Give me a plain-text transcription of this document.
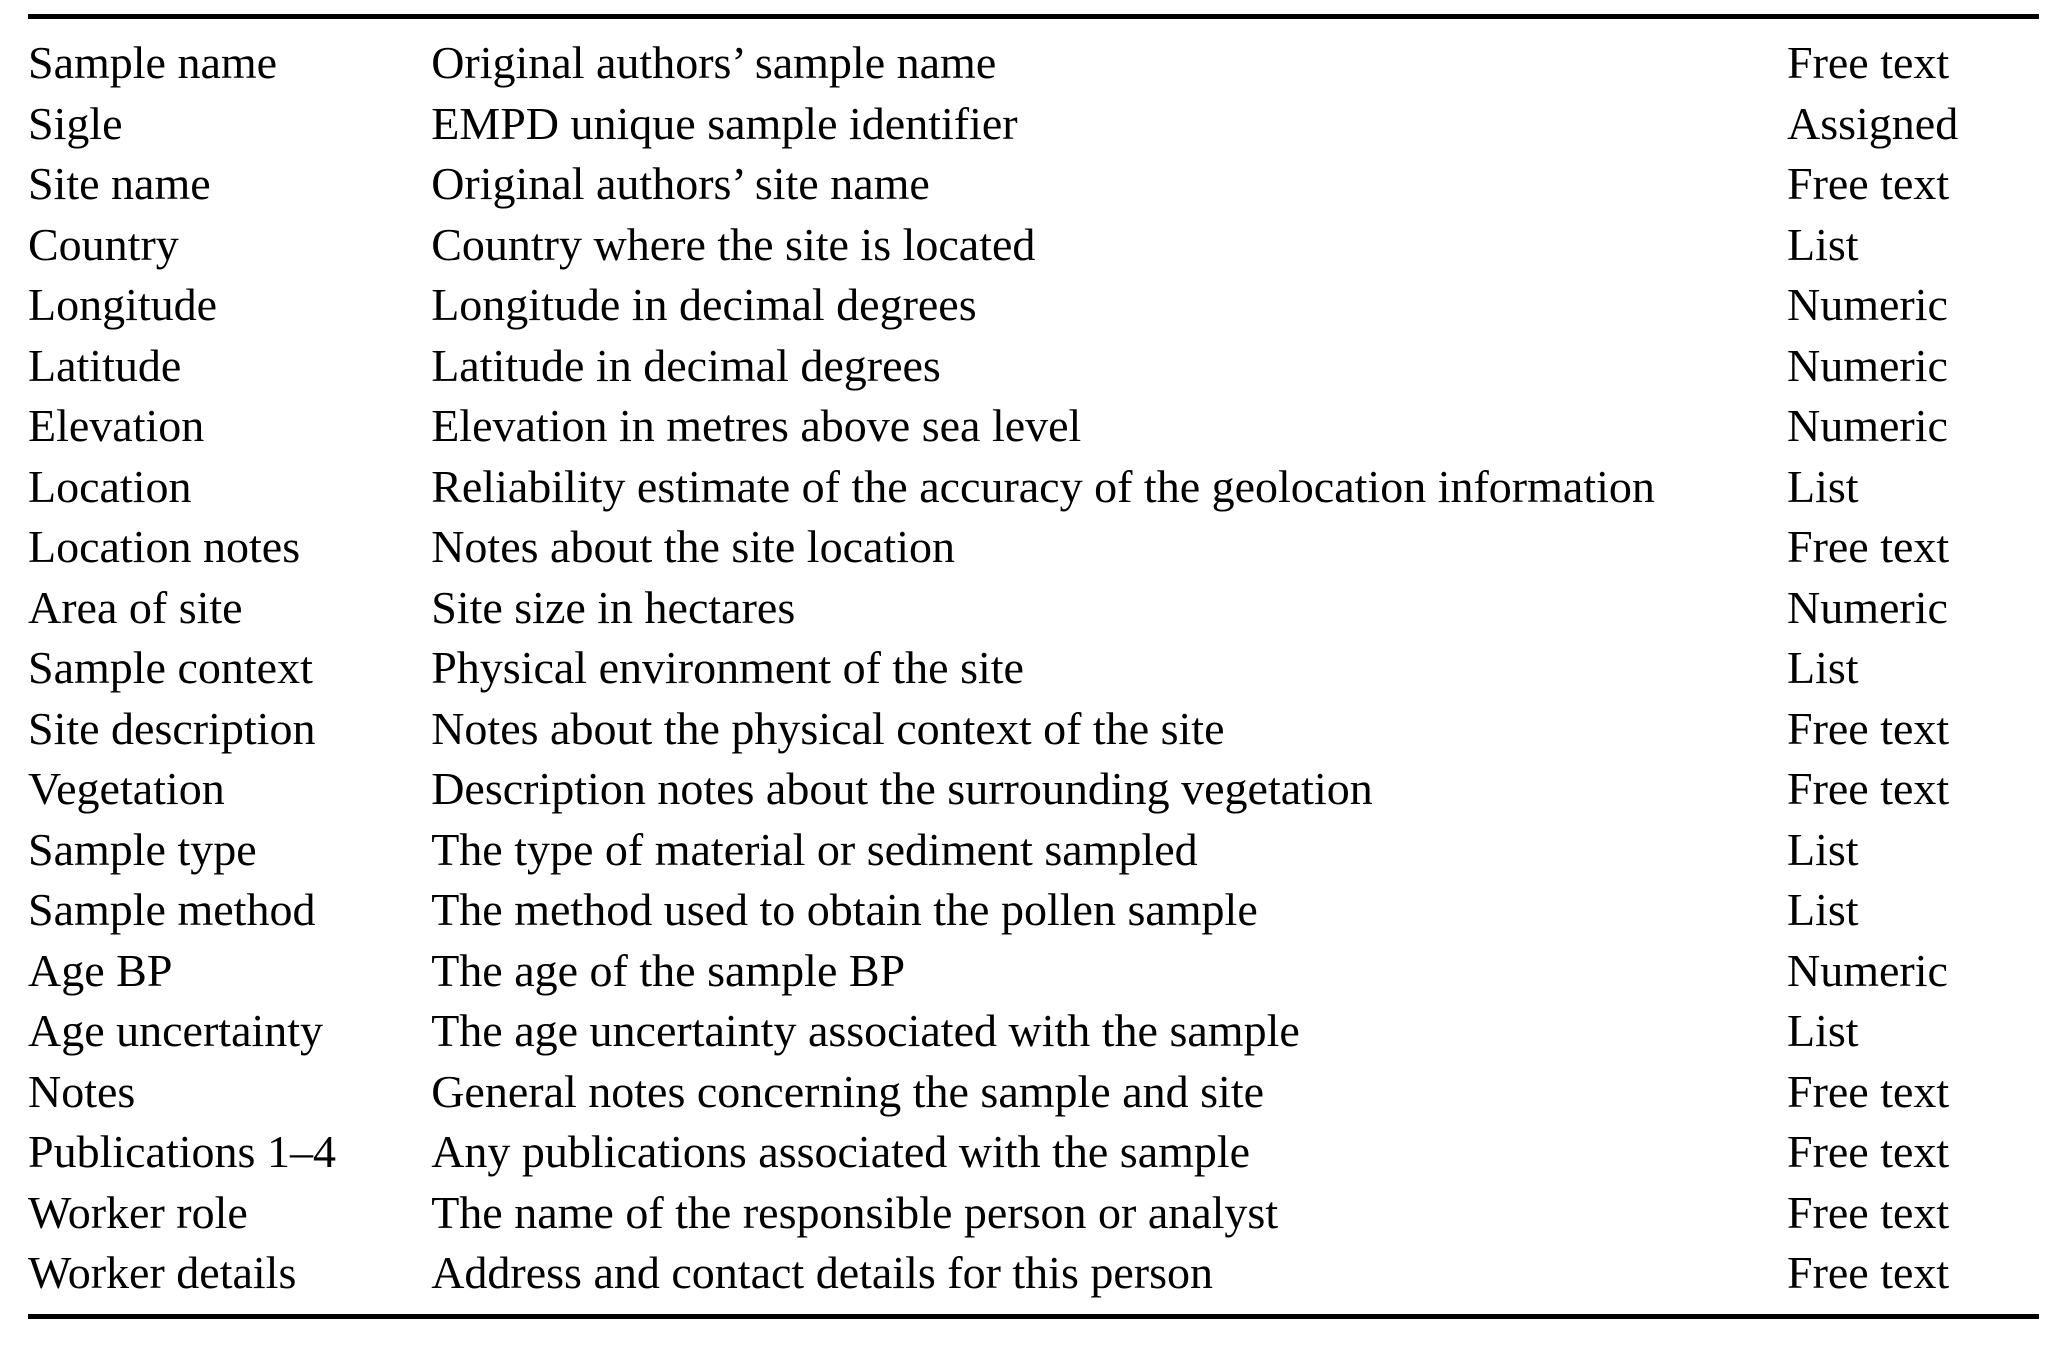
Sample name	Original authors’ sample name	Free text
Sigle	EMPD unique sample identifier	Assigned
Site name	Original authors’ site name	Free text
Country	Country where the site is located	List
Longitude	Longitude in decimal degrees	Numeric
Latitude	Latitude in decimal degrees	Numeric
Elevation	Elevation in metres above sea level	Numeric
Location	Reliability estimate of the accuracy of the geolocation information	List
Location notes	Notes about the site location	Free text
Area of site	Site size in hectares	Numeric
Sample context	Physical environment of the site	List
Site description	Notes about the physical context of the site	Free text
Vegetation	Description notes about the surrounding vegetation	Free text
Sample type	The type of material or sediment sampled	List
Sample method	The method used to obtain the pollen sample	List
Age BP	The age of the sample BP	Numeric
Age uncertainty	The age uncertainty associated with the sample	List
Notes	General notes concerning the sample and site	Free text
Publications 1–4	Any publications associated with the sample	Free text
Worker role	The name of the responsible person or analyst	Free text
Worker details	Address and contact details for this person	Free text
